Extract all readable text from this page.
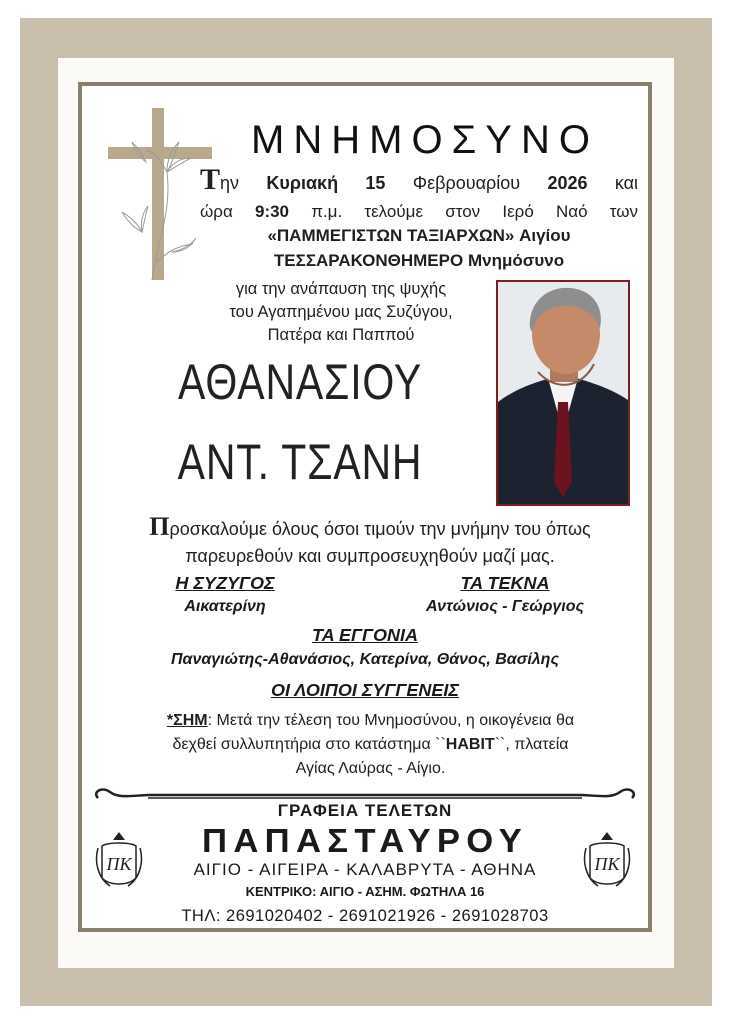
ΜΝΗΜΟΣΥΝΟ
Την Κυριακή 15 Φεβρουαρίου 2026 και
ώρα 9:30 π.μ. τελούμε στον Ιερό Ναό των
«ΠΑΜΜΕΓΙΣΤΩΝ ΤΑΞΙΑΡΧΩΝ» Αιγίου
ΤΕΣΣΑΡΑΚΟΝΘΗΜΕΡΟ Μνημόσυνο
για την ανάπαυση της ψυχής
του Αγαπημένου μας Συζύγου,
Πατέρα και Παππού
ΑΘΑΝΑΣΙΟΥ
ΑΝΤ. ΤΣΑΝΗ
Προσκαλούμε όλους όσοι τιμούν την μνήμην του όπως
παρευρεθούν και συμπροσευχηθούν μαζί μας.
Η ΣΥΖΥΓΟΣ
Αικατερίνη
ΤΑ ΤΕΚΝΑ
Αντώνιος - Γεώργιος
ΤΑ ΕΓΓΟΝΙΑ
Παναγιώτης-Αθανάσιος, Κατερίνα, Θάνος, Βασίλης
ΟΙ ΛΟΙΠΟΙ ΣΥΓΓΕΝΕΙΣ
*ΣΗΜ: Μετά την τέλεση του Μνημοσύνου, η οικογένεια θα
δεχθεί συλλυπητήρια στο κατάστημα ``HABIT``, πλατεία
Αγίας Λαύρας - Αίγιο.
ΓΡΑΦΕΙΑ ΤΕΛΕΤΩΝ
ΠΑΠΑΣΤΑΥΡΟΥ
ΑΙΓΙΟ - ΑΙΓΕΙΡΑ - ΚΑΛΑΒΡΥΤΑ - ΑΘΗΝΑ
ΚΕΝΤΡΙΚΟ: ΑΙΓΙΟ - ΑΣΗΜ. ΦΩΤΗΛΑ 16
ΤΗΛ: 2691020402 - 2691021926 - 2691028703
ΠΚ	ΠΚ
